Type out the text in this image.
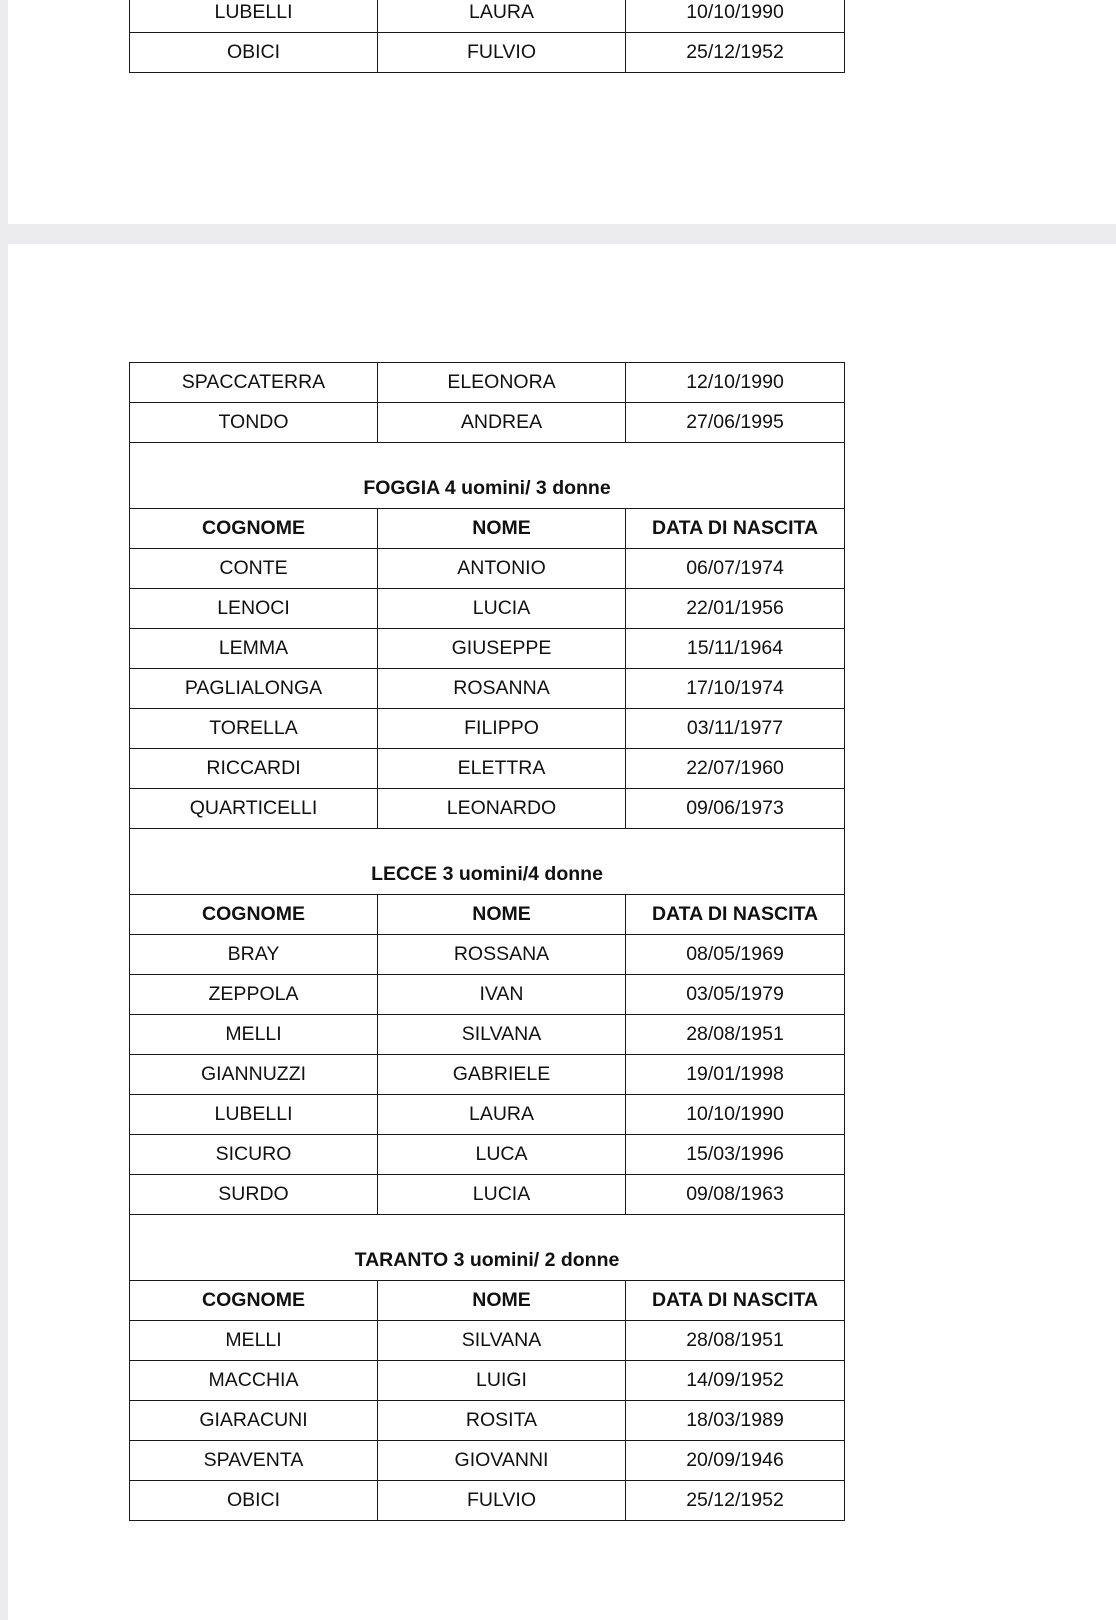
LUBELLI	LAURA	10/10/1990
OBICI	FULVIO	25/12/1952
SPACCATERRA	ELEONORA	12/10/1990
TONDO	ANDREA	27/06/1995
FOGGIA 4 uomini/ 3 donne		
COGNOME	NOME	DATA DI NASCITA
CONTE	ANTONIO	06/07/1974
LENOCI	LUCIA	22/01/1956
LEMMA	GIUSEPPE	15/11/1964
PAGLIALONGA	ROSANNA	17/10/1974
TORELLA	FILIPPO	03/11/1977
RICCARDI	ELETTRA	22/07/1960
QUARTICELLI	LEONARDO	09/06/1973
LECCE 3 uomini/4 donne		
COGNOME	NOME	DATA DI NASCITA
BRAY	ROSSANA	08/05/1969
ZEPPOLA	IVAN	03/05/1979
MELLI	SILVANA	28/08/1951
GIANNUZZI	GABRIELE	19/01/1998
LUBELLI	LAURA	10/10/1990
SICURO	LUCA	15/03/1996
SURDO	LUCIA	09/08/1963
TARANTO 3 uomini/ 2 donne		
COGNOME	NOME	DATA DI NASCITA
MELLI	SILVANA	28/08/1951
MACCHIA	LUIGI	14/09/1952
GIARACUNI	ROSITA	18/03/1989
SPAVENTA	GIOVANNI	20/09/1946
OBICI	FULVIO	25/12/1952
